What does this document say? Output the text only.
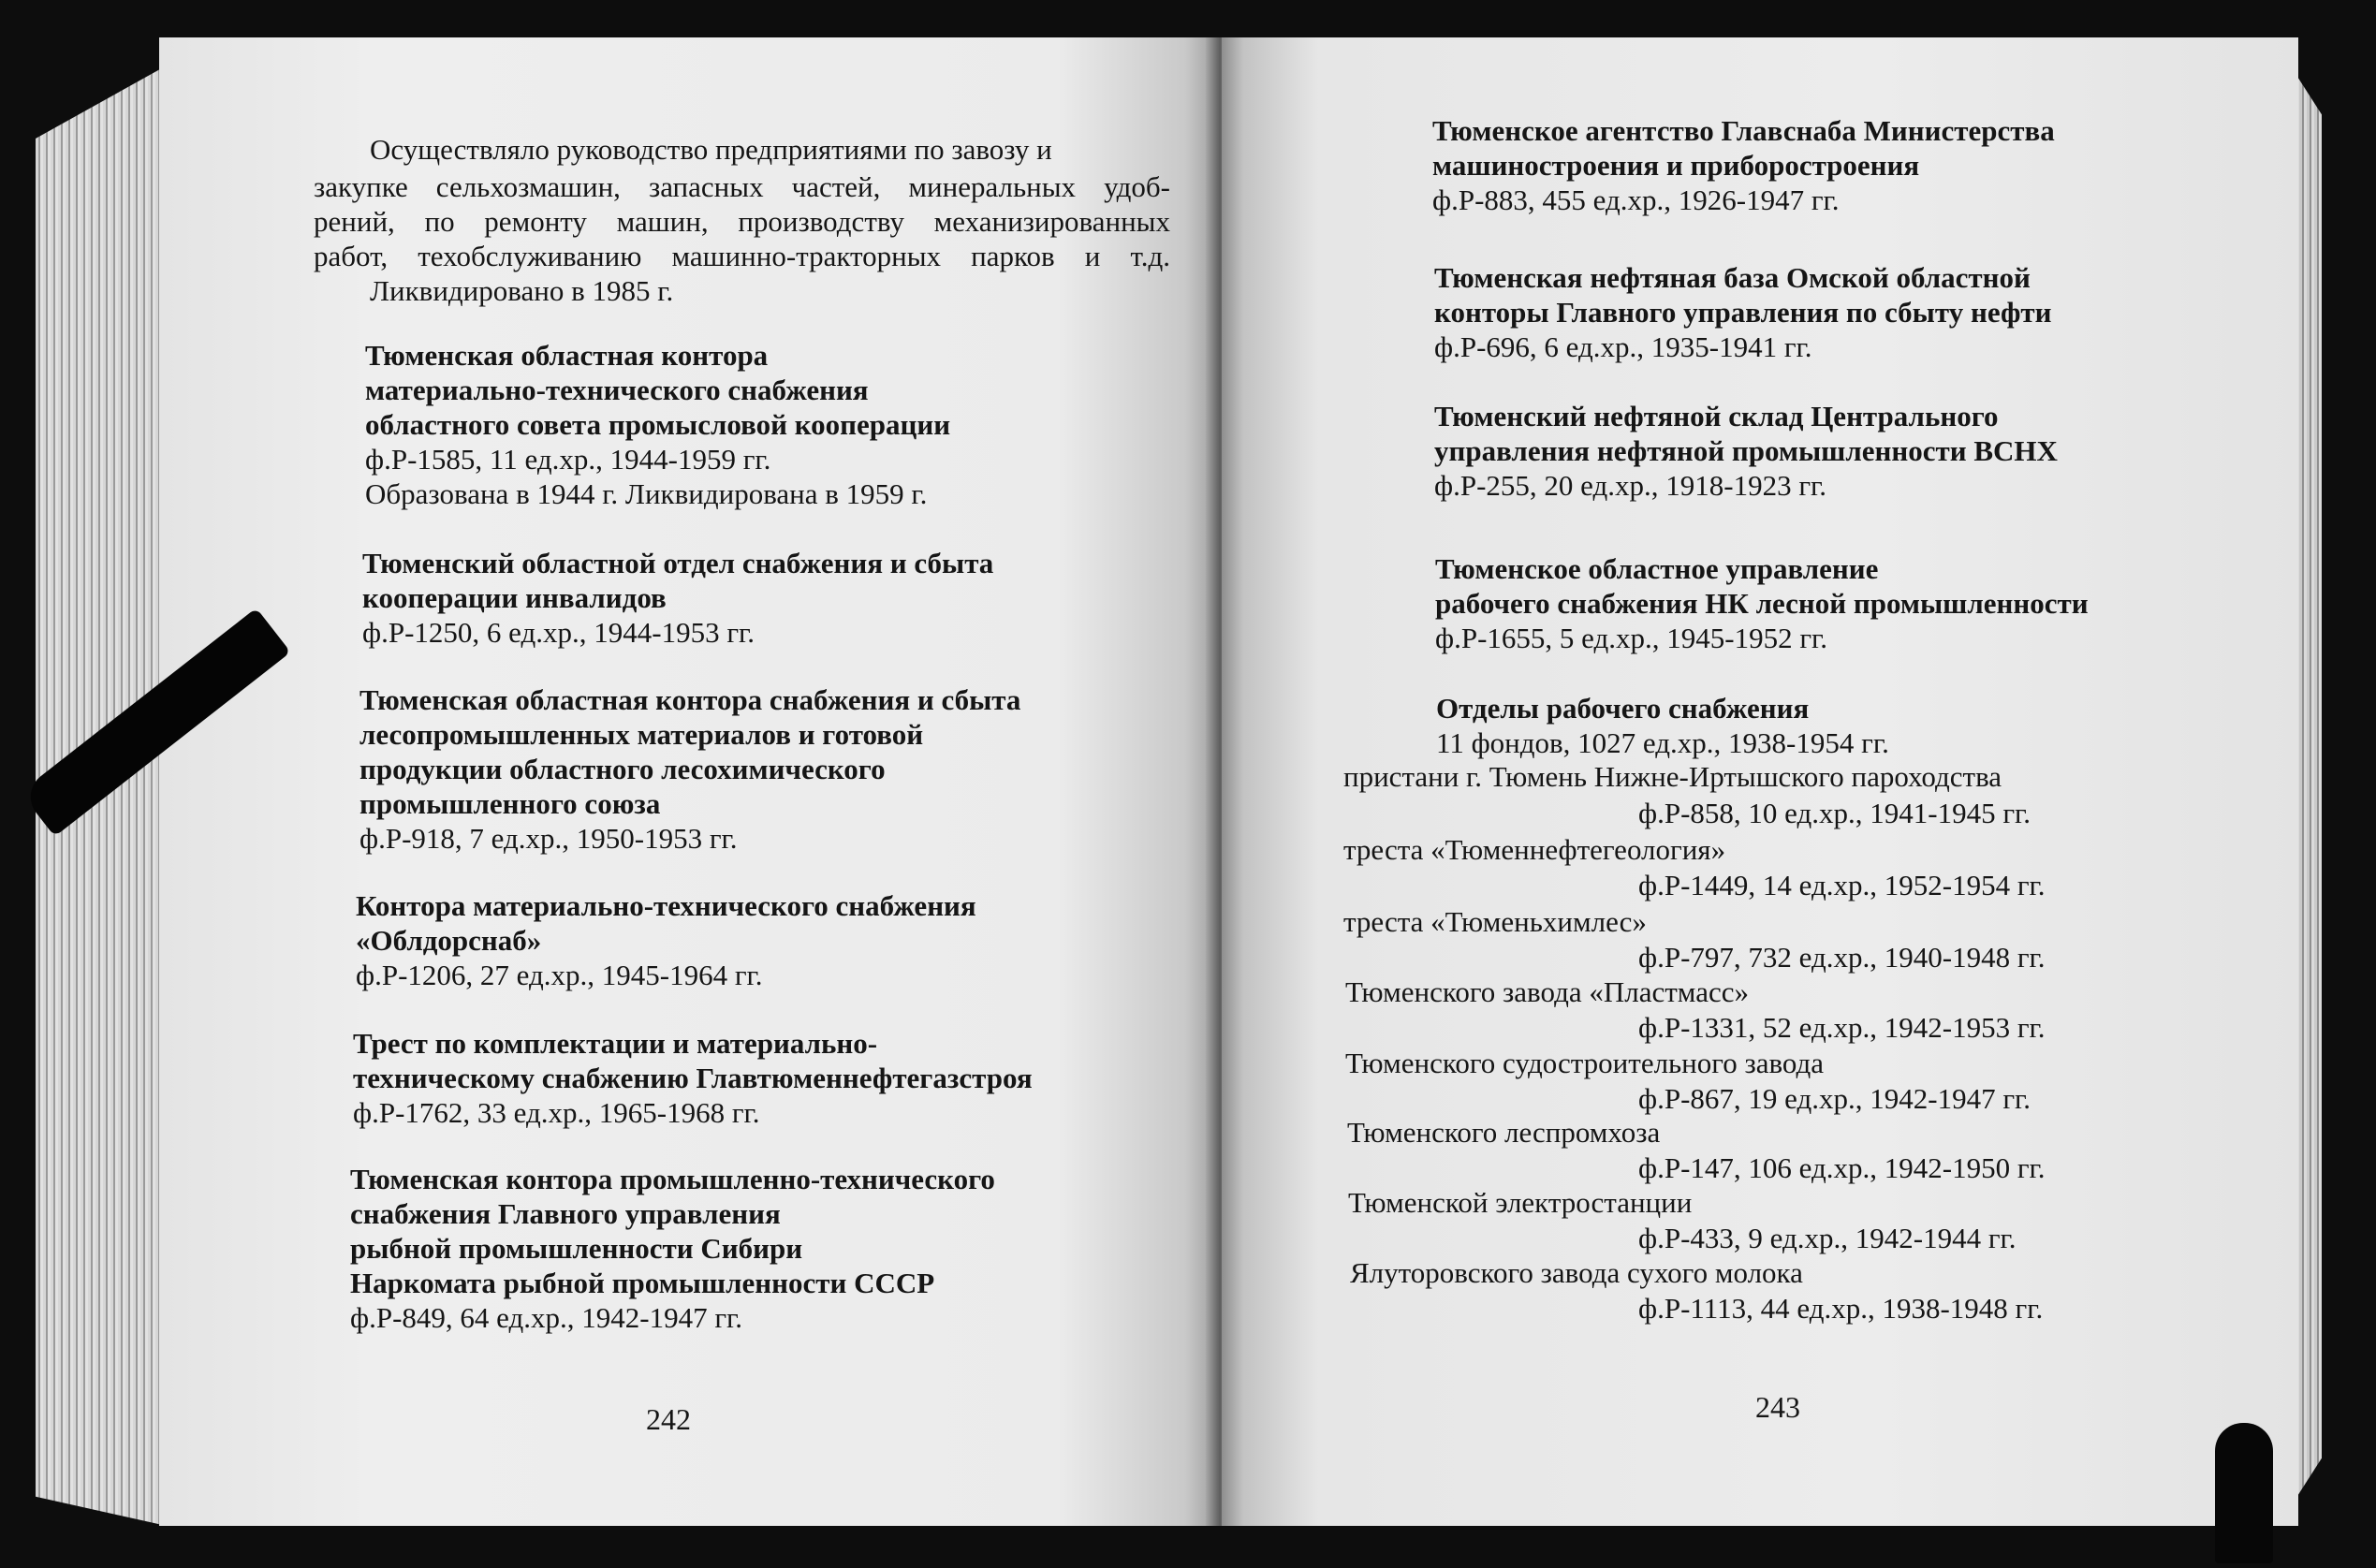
Осуществляло руководство предприятиями по завозу и
закупке сельхозмашин, запасных частей, минеральных удоб-
рений, по ремонту машин, производству механизированных
работ, техобслуживанию машинно-тракторных парков и т.д.
Ликвидировано в 1985 г.
Тюменская областная контора
материально-технического снабжения
областного совета промысловой кооперации
ф.Р-1585, 11 ед.хр., 1944-1959 гг.
Образована в 1944 г. Ликвидирована в 1959 г.
Тюменский областной отдел снабжения и сбыта
кооперации инвалидов
ф.Р-1250, 6 ед.хр., 1944-1953 гг.
Тюменская областная контора снабжения и сбыта
лесопромышленных материалов и готовой
продукции областного лесохимического
промышленного союза
ф.Р-918, 7 ед.хр., 1950-1953 гг.
Контора материально-технического снабжения
«Облдорснаб»
ф.Р-1206, 27 ед.хр., 1945-1964 гг.
Трест по комплектации и материально-
техническому снабжению Главтюменнефтегазстроя
ф.Р-1762, 33 ед.хр., 1965-1968 гг.
Тюменская контора промышленно-технического
снабжения Главного управления
рыбной промышленности Сибири
Наркомата рыбной промышленности СССР
ф.Р-849, 64 ед.хр., 1942-1947 гг.
242
Тюменское агентство Главснаба Министерства
машиностроения и приборостроения
ф.Р-883, 455 ед.хр., 1926-1947 гг.
Тюменская нефтяная база Омской областной
конторы Главного управления по сбыту нефти
ф.Р-696, 6 ед.хр., 1935-1941 гг.
Тюменский нефтяной склад Центрального
управления нефтяной промышленности ВСНХ
ф.Р-255, 20 ед.хр., 1918-1923 гг.
Тюменское областное управление
рабочего снабжения НК лесной промышленности
ф.Р-1655, 5 ед.хр., 1945-1952 гг.
Отделы рабочего снабжения
11 фондов, 1027 ед.хр., 1938-1954 гг.
пристани г. Тюмень Нижне-Иртышского пароходства
ф.Р-858, 10 ед.хр., 1941-1945 гг.
треста «Тюменнефтегеология»
ф.Р-1449, 14 ед.хр., 1952-1954 гг.
треста «Тюменьхимлес»
ф.Р-797, 732 ед.хр., 1940-1948 гг.
Тюменского завода «Пластмасс»
ф.Р-1331, 52 ед.хр., 1942-1953 гг.
Тюменского судостроительного завода
ф.Р-867, 19 ед.хр., 1942-1947 гг.
Тюменского леспромхоза
ф.Р-147, 106 ед.хр., 1942-1950 гг.
Тюменской электростанции
ф.Р-433, 9 ед.хр., 1942-1944 гг.
Ялуторовского завода сухого молока
ф.Р-1113, 44 ед.хр., 1938-1948 гг.
243
